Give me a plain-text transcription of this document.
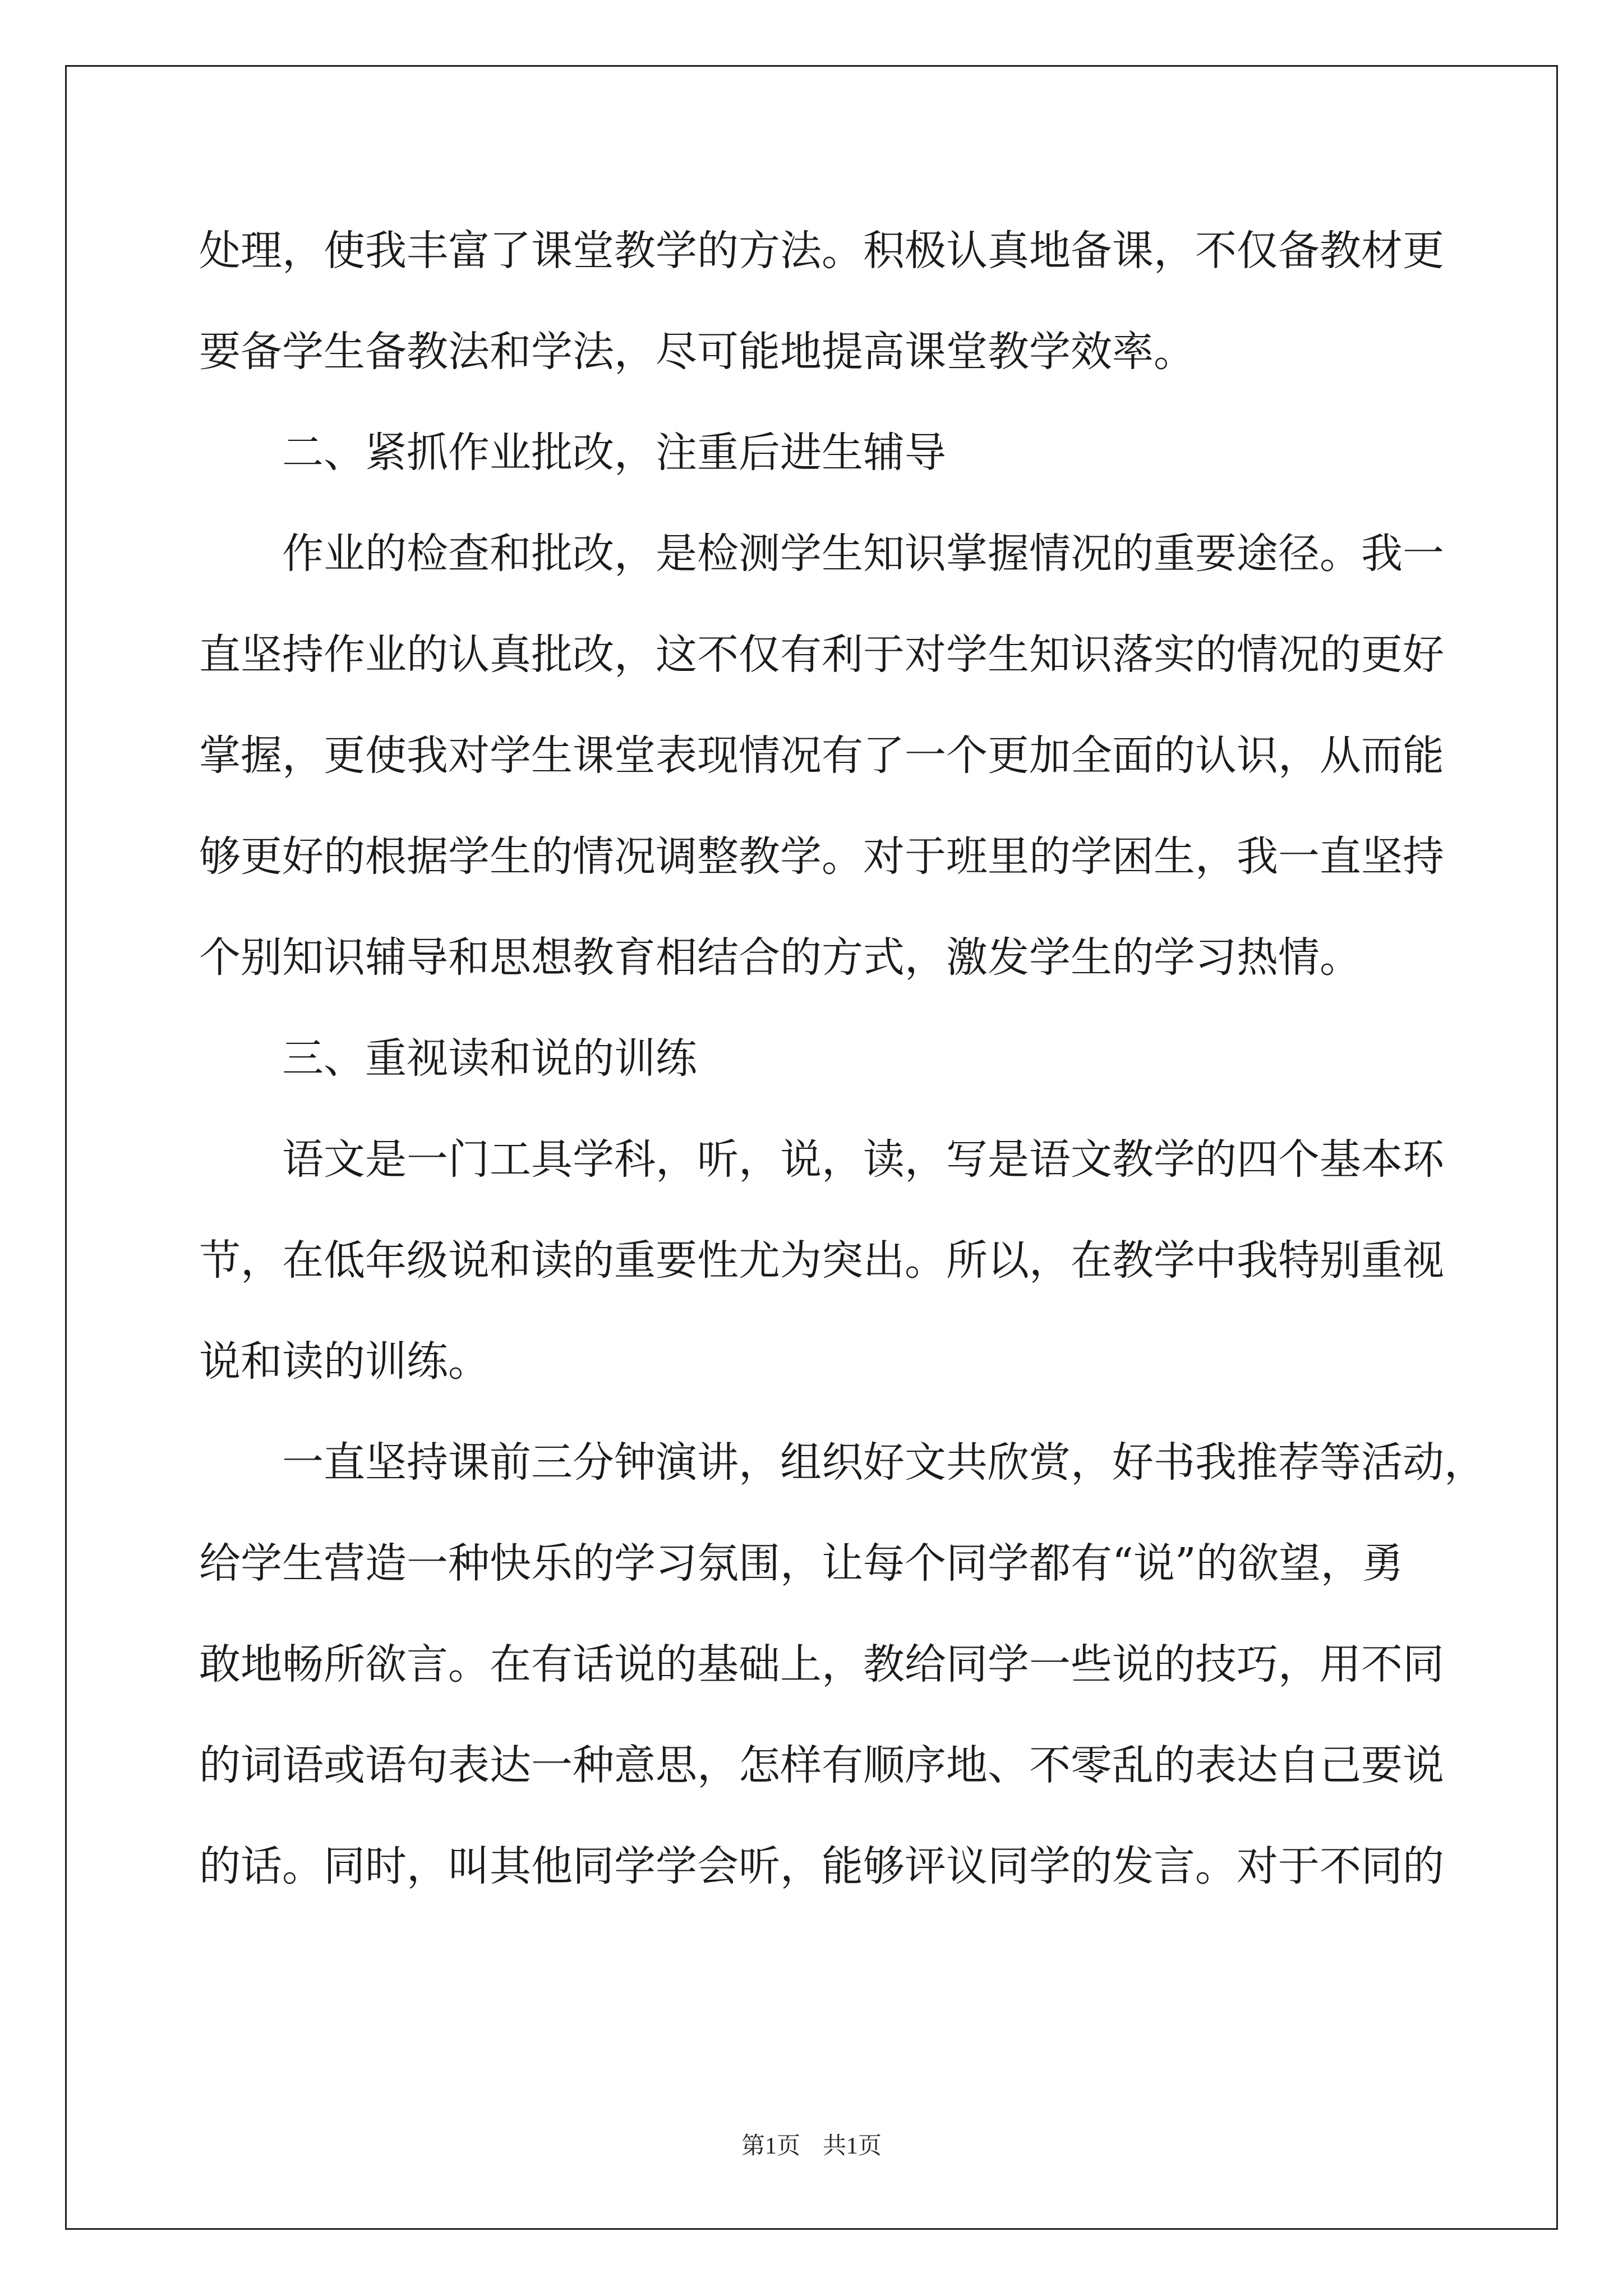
处理，使我丰富了课堂教学的方法。积极认真地备课，不仅备教材更
要备学生备教法和学法，尽可能地提高课堂教学效率。
二、紧抓作业批改，注重后进生辅导
作业的检查和批改，是检测学生知识掌握情况的重要途径。我一
直坚持作业的认真批改，这不仅有利于对学生知识落实的情况的更好
掌握，更使我对学生课堂表现情况有了一个更加全面的认识，从而能
够更好的根据学生的情况调整教学。对于班里的学困生，我一直坚持
个别知识辅导和思想教育相结合的方式，激发学生的学习热情。
三、重视读和说的训练
语文是一门工具学科，听，说，读，写是语文教学的四个基本环
节，在低年级说和读的重要性尤为突出。所以，在教学中我特别重视
说和读的训练。
一直坚持课前三分钟演讲，组织好文共欣赏，好书我推荐等活动，
给学生营造一种快乐的学习氛围，让每个同学都有“说”的欲望，勇
敢地畅所欲言。在有话说的基础上，教给同学一些说的技巧，用不同
的词语或语句表达一种意思，怎样有顺序地、不零乱的表达自己要说
的话。同时，叫其他同学学会听，能够评议同学的发言。对于不同的
第1页 共1页
